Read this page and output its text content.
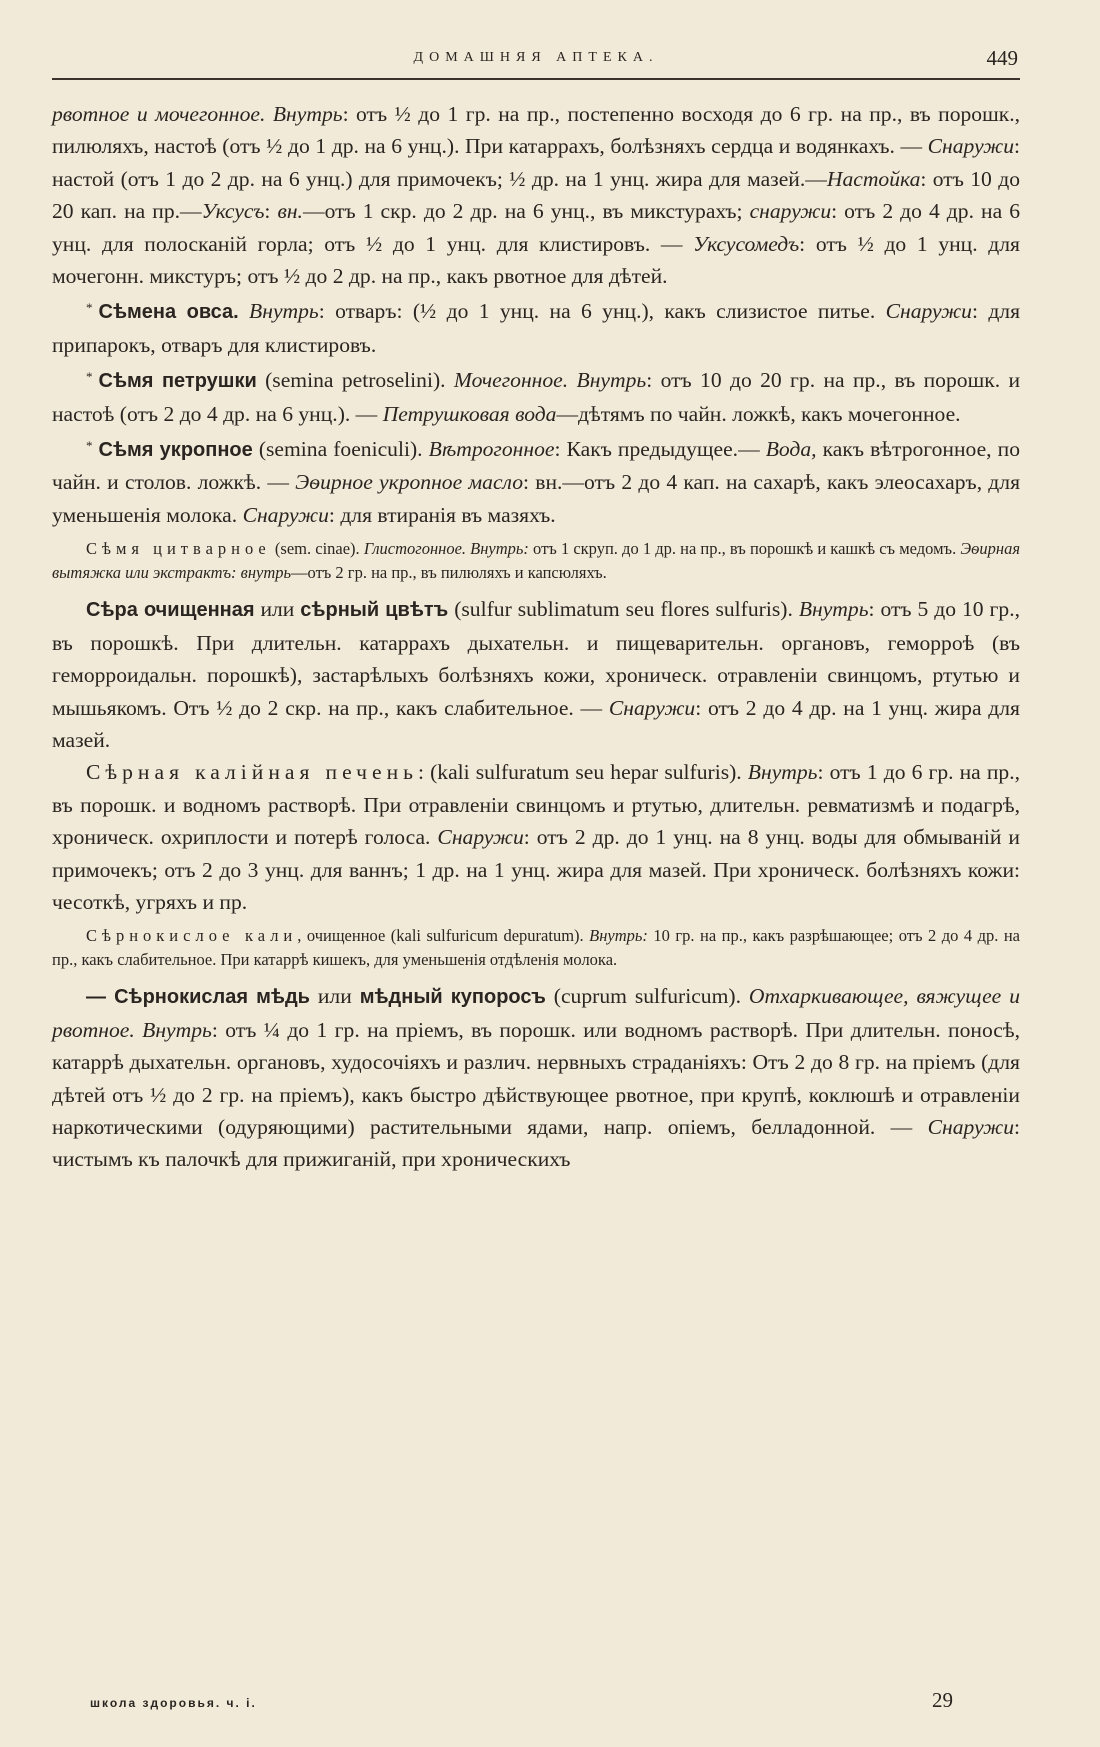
ДОМАШНЯЯ АПТЕКА.	449

рвотное и мочегонное. Внутрь: отъ ½ до 1 гр. на пр., постепенно восходя до 6 гр. на пр., въ порошк., пилюляхъ, настоѣ (отъ ½ до 1 др. на 6 унц.). При катаррахъ, болѣзняхъ сердца и водянкахъ. — Снаружи: настой (отъ 1 до 2 др. на 6 унц.) для примочекъ; ½ др. на 1 унц. жира для мазей.—Настойка: отъ 10 до 20 кап. на пр.—Уксусъ: вн.—отъ 1 скр. до 2 др. на 6 унц., въ микстурахъ; снаружи: отъ 2 до 4 др. на 6 унц. для полосканій горла; отъ ½ до 1 унц. для клистировъ. — Уксусомедъ: отъ ½ до 1 унц. для мочегонн. микстуръ; отъ ½ до 2 др. на пр., какъ рвотное для дѣтей.

* Сѣмена овса. Внутрь: отваръ: (½ до 1 унц. на 6 унц.), какъ слизистое питье. Снаружи: для припарокъ, отваръ для клистировъ.

* Сѣмя петрушки (semina petroselini). Мочегонное. Внутрь: отъ 10 до 20 гр. на пр., въ порошк. и настоѣ (отъ 2 до 4 др. на 6 унц.). — Петрушковая вода—дѣтямъ по чайн. ложкѣ, какъ мочегонное.

* Сѣмя укропное (semina foeniculi). Вѣтрогонное: Какъ предыдущее.— Вода, какъ вѣтрогонное, по чайн. и столов. ложкѣ. — Эѳирное укропное масло: вн.—отъ 2 до 4 кап. на сахарѣ, какъ элеосахаръ, для уменьшенія молока. Снаружи: для втиранія въ мазяхъ.

Сѣмя цитварное (sem. cinae). Глистогонное. Внутрь: отъ 1 скруп. до 1 др. на пр., въ порошкѣ и кашкѣ съ медомъ. Эѳирная вытяжка или экстрактъ: внутрь—отъ 2 гр. на пр., въ пилюляхъ и капсюляхъ.

Сѣра очищенная или сѣрный цвѣтъ (sulfur sublimatum seu flores sulfuris). Внутрь: отъ 5 до 10 гр., въ порошкѣ. При длительн. катаррахъ дыхательн. и пищеварительн. органовъ, геморроѣ (въ геморроидальн. порошкѣ), застарѣлыхъ болѣзняхъ кожи, хроническ. отравленіи свинцомъ, ртутью и мышьякомъ. Отъ ½ до 2 скр. на пр., какъ слабительное. — Снаружи: отъ 2 до 4 др. на 1 унц. жира для мазей.

Сѣрная калійная печень: (kali sulfuratum seu hepar sulfuris). Внутрь: отъ 1 до 6 гр. на пр., въ порошк. и водномъ растворѣ. При отравленіи свинцомъ и ртутью, длительн. ревматизмѣ и подагрѣ, хроническ. охриплости и потерѣ голоса. Снаружи: отъ 2 др. до 1 унц. на 8 унц. воды для обмываній и примочекъ; отъ 2 до 3 унц. для ваннъ; 1 др. на 1 унц. жира для мазей. При хроническ. болѣзняхъ кожи: чесоткѣ, угряхъ и пр.

Сѣрнокислое кали, очищенное (kali sulfuricum depuratum). Внутрь: 10 гр. на пр., какъ разрѣшающее; отъ 2 до 4 др. на пр., какъ слабительное. При катаррѣ кишекъ, для уменьшенія отдѣленія молока.

— Сѣрнокислая мѣдь или мѣдный купоросъ (cuprum sulfuricum). Отхаркивающее, вяжущее и рвотное. Внутрь: отъ ¼ до 1 гр. на пріемъ, въ порошк. или водномъ растворѣ. При длительн. поносѣ, катаррѣ дыхательн. органовъ, худосочіяхъ и различ. нервныхъ страданіяхъ: Отъ 2 до 8 гр. на пріемъ (для дѣтей отъ ½ до 2 гр. на пріемъ), какъ быстро дѣйствующее рвотное, при крупѣ, коклюшѣ и отравленіи наркотическими (одуряющими) растительными ядами, напр. опіемъ, белладонной. — Снаружи: чистымъ къ палочкѣ для прижиганій, при хроническихъ

школа здоровья. ч. i.	29
